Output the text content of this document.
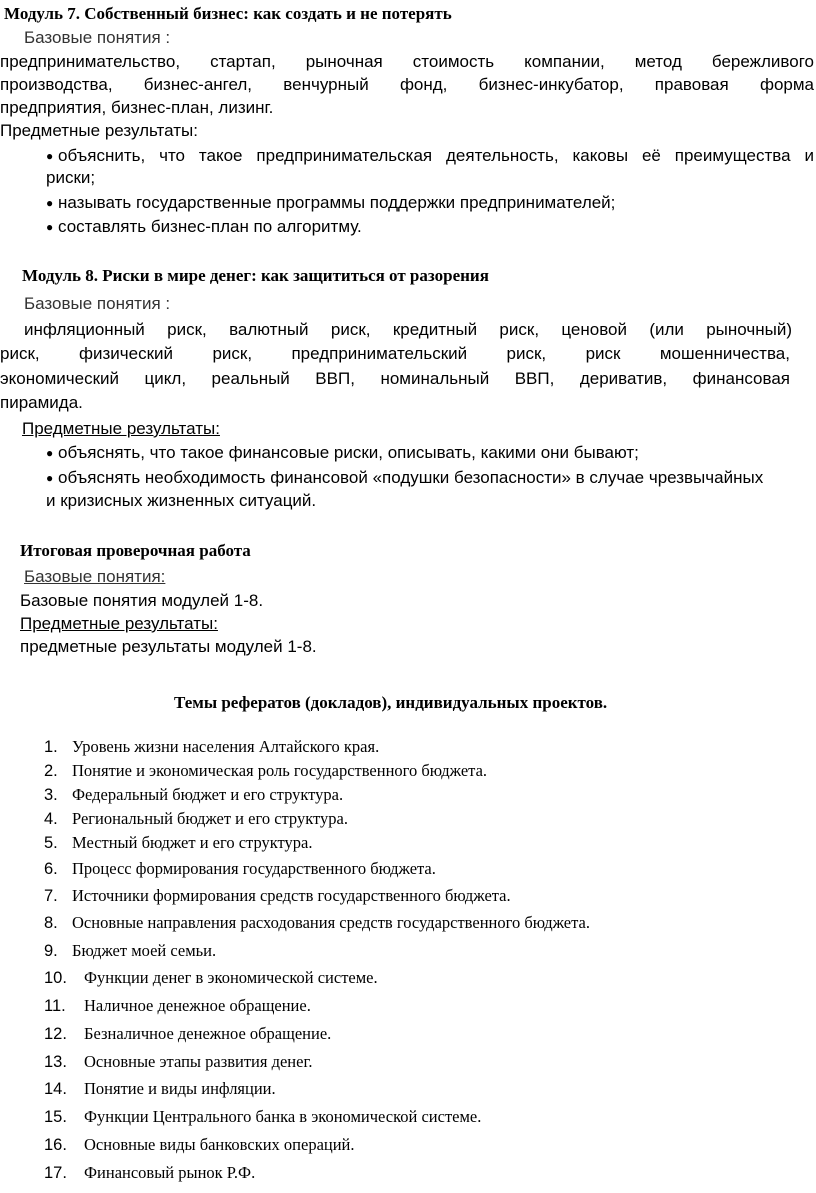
Модуль 7. Собственный бизнес: как создать и не потерять
Базовые понятия :
предпринимательство, стартап, рыночная стоимость компании, метод бережливого
производства, бизнес-ангел, венчурный фонд, бизнес-инкубатор, правовая форма
предприятия, бизнес-план, лизинг.
Предметные результаты:
● объяснить, что такое предпринимательская деятельность, каковы её преимущества и
риски;
● называть государственные программы поддержки предпринимателей;
● составлять бизнес-план по алгоритму.
Модуль 8. Риски в мире денег: как защититься от разорения
Базовые понятия :
инфляционный риск, валютный риск, кредитный риск, ценовой (или рыночный)
риск, физический риск, предпринимательский риск, риск мошенничества,
экономический цикл, реальный ВВП, номинальный ВВП, дериватив, финансовая
пирамида.
Предметные результаты:
● объяснять, что такое финансовые риски, описывать, какими они бывают;
● объяснять необходимость финансовой «подушки безопасности» в случае чрезвычайных
и кризисных жизненных ситуаций.
Итоговая проверочная работа
Базовые понятия:
Базовые понятия модулей 1-8.
Предметные результаты:
предметные результаты модулей 1-8.
Темы рефератов (докладов), индивидуальных проектов.
1. Уровень жизни населения Алтайского края.
2. Понятие и экономическая роль государственного бюджета.
3. Федеральный бюджет и его структура.
4. Региональный бюджет и его структура.
5. Местный бюджет и его структура.
6. Процесс формирования государственного бюджета.
7. Источники формирования средств государственного бюджета.
8. Основные направления расходования средств государственного бюджета.
9. Бюджет моей семьи.
10. Функции денег в экономической системе.
11. Наличное денежное обращение.
12. Безналичное денежное обращение.
13. Основные этапы развития денег.
14. Понятие и виды инфляции.
15. Функции Центрального банка в экономической системе.
16. Основные виды банковских операций.
17. Финансовый рынок Р.Ф.
